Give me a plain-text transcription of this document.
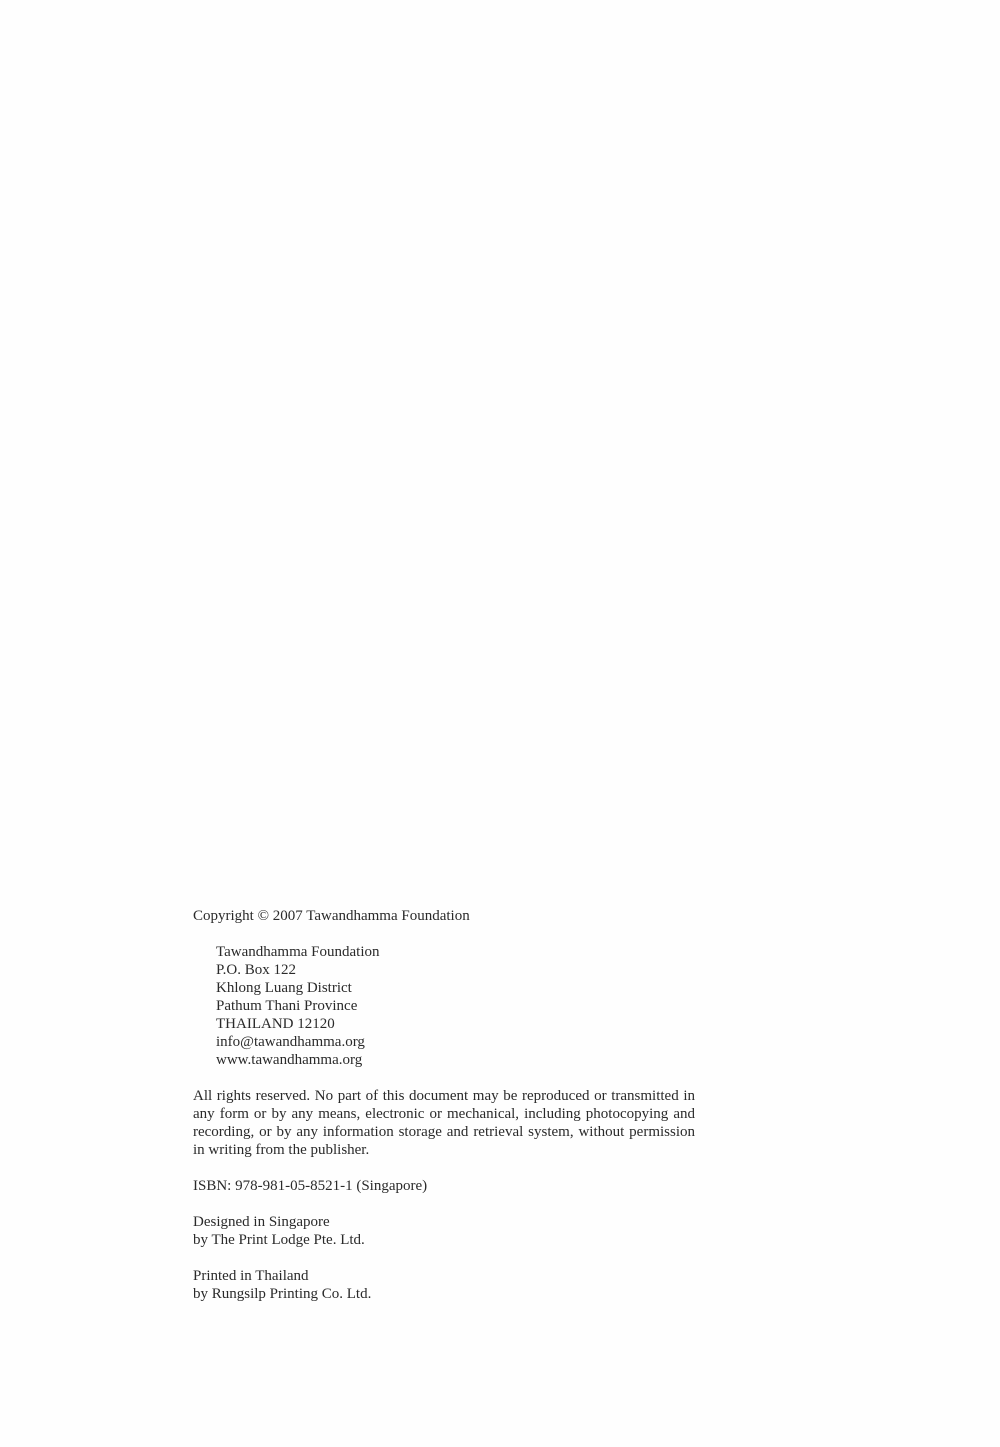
Copyright © 2007 Tawandhamma Foundation
Tawandhamma Foundation
P.O. Box 122
Khlong Luang District
Pathum Thani Province
THAILAND 12120
info@tawandhamma.org
www.tawandhamma.org

All rights reserved. No part of this document may be reproduced or transmitted in any form or by any means, electronic or mechanical, including photocopying and recording, or by any information storage and retrieval system, without permission in writing from the publisher.

ISBN: 978-981-05-8521-1 (Singapore)
Designed in Singapore
by The Print Lodge Pte. Ltd.
Printed in Thailand
by Rungsilp Printing Co. Ltd.
